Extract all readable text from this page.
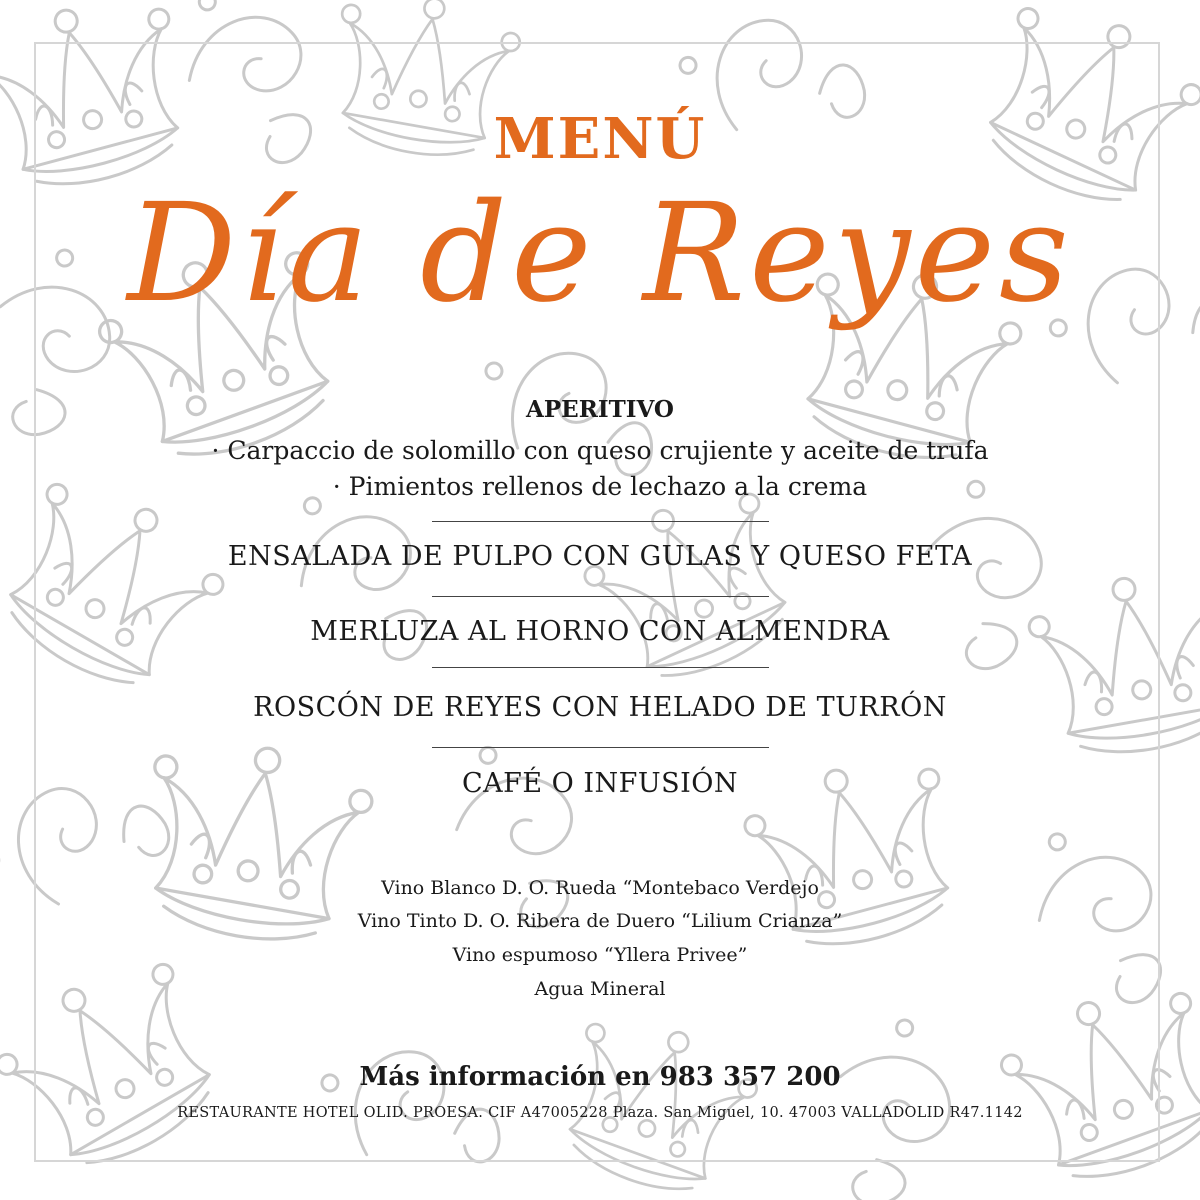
MENÚ
Día de Reyes
APERITIVO
· Carpaccio de solomillo con queso crujiente y aceite de trufa
· Pimientos rellenos de lechazo a la crema
ENSALADA DE PULPO CON GULAS Y QUESO FETA
MERLUZA AL HORNO CON ALMENDRA
ROSCÓN DE REYES CON HELADO DE TURRÓN
CAFÉ O INFUSIÓN
Vino Blanco D. O. Rueda “Montebaco Verdejo
Vino Tinto D. O. Ribera de Duero “Lilium Crianza”
Vino espumoso “Yllera Privee”
Agua Mineral
Más información en 983 357 200
RESTAURANTE HOTEL OLID. PROESA. CIF A47005228 Plaza. San Miguel, 10. 47003 VALLADOLID R47.1142
